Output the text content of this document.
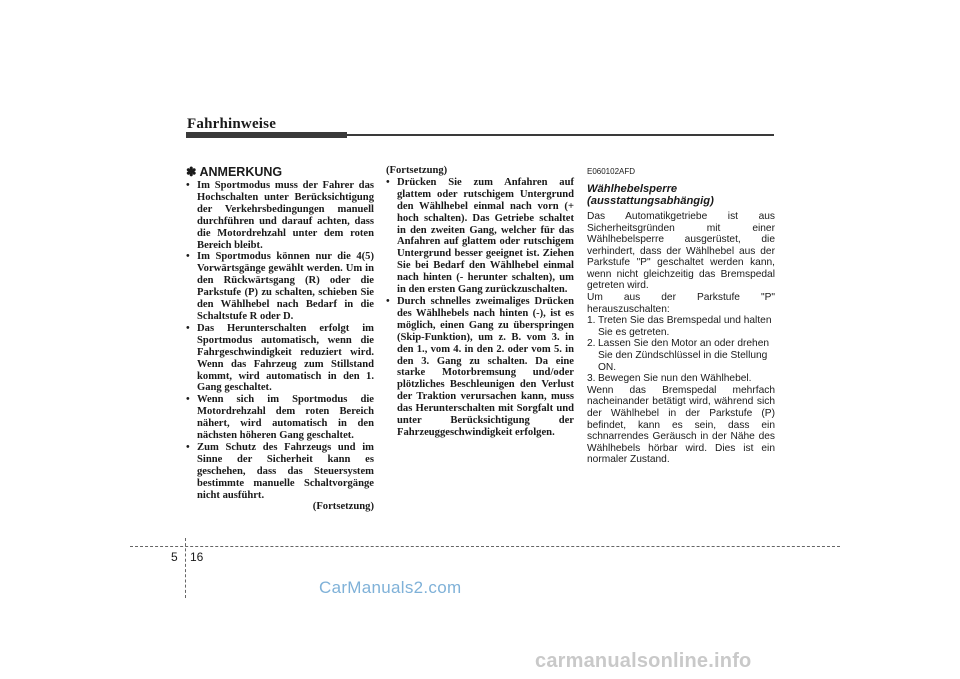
Fahrhinweise
✽ ANMERKUNG
• Im Sportmodus muss der Fahrer das Hochschalten unter Berücksichtigung der Verkehrsbedingungen manuell durchführen und darauf achten, dass die Motordrehzahl unter dem roten Bereich bleibt.
• Im Sportmodus können nur die 4(5) Vorwärtsgänge gewählt werden. Um in den Rückwärtsgang (R) oder die Parkstufe (P) zu schalten, schieben Sie den Wählhebel nach Bedarf in die Schaltstufe R oder D.
• Das Herunterschalten erfolgt im Sportmodus automatisch, wenn die Fahrgeschwindigkeit reduziert wird. Wenn das Fahrzeug zum Stillstand kommt, wird automatisch in den 1. Gang geschaltet.
• Wenn sich im Sportmodus die Motordrehzahl dem roten Bereich nähert, wird automatisch in den nächsten höheren Gang geschaltet.
• Zum Schutz des Fahrzeugs und im Sinne der Sicherheit kann es geschehen, dass das Steuersystem bestimmte manuelle Schaltvorgänge nicht ausführt.
(Fortsetzung)
(Fortsetzung)
• Drücken Sie zum Anfahren auf glattem oder rutschigem Untergrund den Wählhebel einmal nach vorn (+ hoch schalten). Das Getriebe schaltet in den zweiten Gang, welcher für das Anfahren auf glattem oder rutschigem Untergrund besser geeignet ist. Ziehen Sie bei Bedarf den Wählhebel einmal nach hinten (- herunter schalten), um in den ersten Gang zurückzuschalten.
• Durch schnelles zweimaliges Drücken des Wählhebels nach hinten (-), ist es möglich, einen Gang zu überspringen (Skip-Funktion), um z. B. vom 3. in den 1., vom 4. in den 2. oder vom 5. in den 3. Gang zu schalten. Da eine starke Motorbremsung und/oder plötzliches Beschleunigen den Verlust der Traktion verursachen kann, muss das Herunterschalten mit Sorgfalt und unter Berücksichtigung der Fahrzeuggeschwindigkeit erfolgen.
E060102AFD
Wählhebelsperre
(ausstattungsabhängig)

Das Automatikgetriebe ist aus Sicherheitsgründen mit einer Wählhebelsperre ausgerüstet, die verhindert, dass der Wählhebel aus der Parkstufe "P" geschaltet werden kann, wenn nicht gleichzeitig das Bremspedal getreten wird.

Um aus der Parkstufe "P" herauszuschalten:

1. Treten Sie das Bremspedal und halten Sie es getreten.
2. Lassen Sie den Motor an oder drehen Sie den Zündschlüssel in die Stellung ON.
3. Bewegen Sie nun den Wählhebel.

Wenn das Bremspedal mehrfach nacheinander betätigt wird, während sich der Wählhebel in der Parkstufe (P) befindet, kann es sein, dass ein schnarrendes Geräusch in der Nähe des Wählhebels hörbar wird. Dies ist ein normaler Zustand.

5 16
CarManuals2.com
carmanualsonline.info
